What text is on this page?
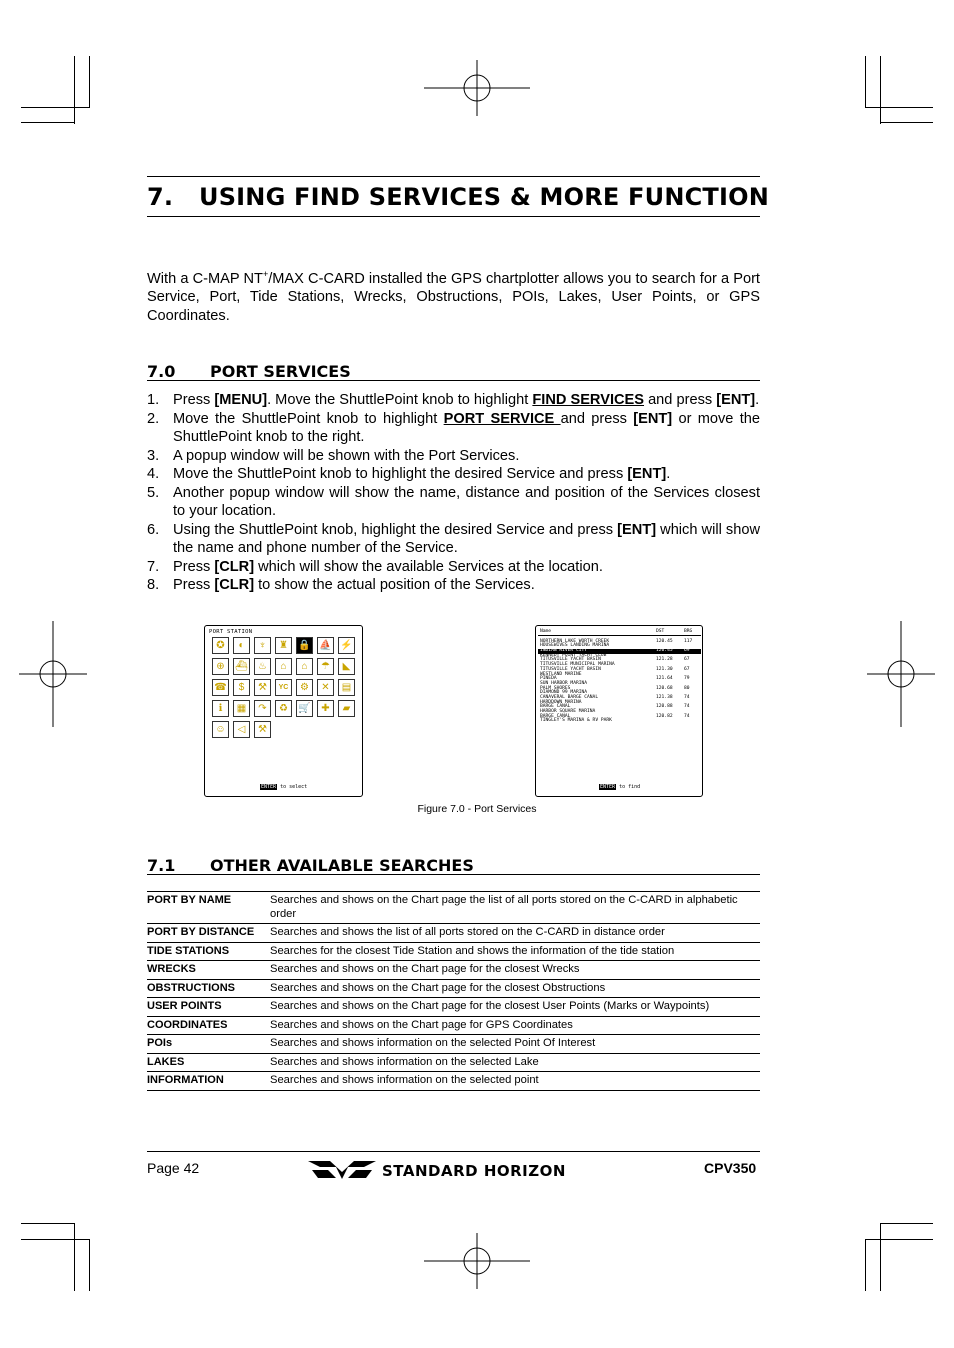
7. USING FIND SERVICES & MORE FUNCTION
With a C-MAP NT+/MAX C-CARD installed the GPS chartplotter allows you to search for a Port Service, Port, Tide Stations, Wrecks, Obstructions, POIs, Lakes, User Points, or GPS Coordinates.
7.0 PORT SERVICES
1. Press [MENU]. Move the ShuttlePoint knob to highlight FIND SERVICES and press [ENT].
2. Move the ShuttlePoint knob to highlight PORT SERVICE and press [ENT] or move the ShuttlePoint knob to the right.
3. A popup window will be shown with the Port Services.
4. Move the ShuttlePoint knob to highlight the desired Service and press [ENT].
5. Another popup window will show the name, distance and position of the Services closest to your location.
6. Using the ShuttlePoint knob, highlight the desired Service and press [ENT] which will show the name and phone number of the Service.
7. Press [CLR] which will show the available Services at the location.
8. Press [CLR] to show the actual position of the Services.
PORT STATION
✪	◐	♆	♜	🔒 ⛵ ⚡
⊕	⛴	♨	⌂	⌂	☂	◣
☎	$	⚒	YC	⚙	✕	▤
ℹ	▦	↷	♻	🛒	✚	▰
☺	◁	⚒
ENTER to select
Name	DST	BRG
NORTHERN LAKE WORTH CREEK	120.45 117
HOUSEWIVES LANDING MARINA
INDIAN RIVER CITY	120.45 69
KENNEDY POINT YACHT CLUB
TITUSVILLE YACHT BASIN	121.28 67
TITUSVILLE MUNICIPAL MARINA
TITUSVILLE YACHT BASIN	121.30 67
WESTLAND MARINE
PINEDA	121.64 79
SUN HARBOR MARINA
PALM SHORES	120.68 80
DIAMOND 99 MARINA
CANAVERAL BARGE CANAL	121.38 74
HARDDOWN MARINA
BARGE CANAL	120.88 74
HARBOR SQUARE MARINA
BARGE CANAL	120.82 74
TINGLEY'S MARINA & RV PARK
ENTER to find
Figure 7.0 - Port Services
7.1 OTHER AVAILABLE SEARCHES
PORT BY NAME	Searches and shows on the Chart page the list of all ports stored on the C-CARD in alphabetic order
PORT BY DISTANCE	Searches and shows the list of all ports stored on the C-CARD in distance order
TIDE STATIONS	Searches for the closest Tide Station and shows the information of the tide station
WRECKS	Searches and shows on the Chart page for the closest Wrecks
OBSTRUCTIONS	Searches and shows on the Chart page for the closest Obstructions
USER POINTS	Searches and shows on the Chart page for the closest User Points (Marks or Waypoints)
COORDINATES	Searches and shows on the Chart page for GPS Coordinates
POIs	Searches and shows information on the selected Point Of Interest
LAKES	Searches and shows information on the selected Lake
INFORMATION	Searches and shows information on the selected point
Page 42	STANDARD HORIZON	CPV350
